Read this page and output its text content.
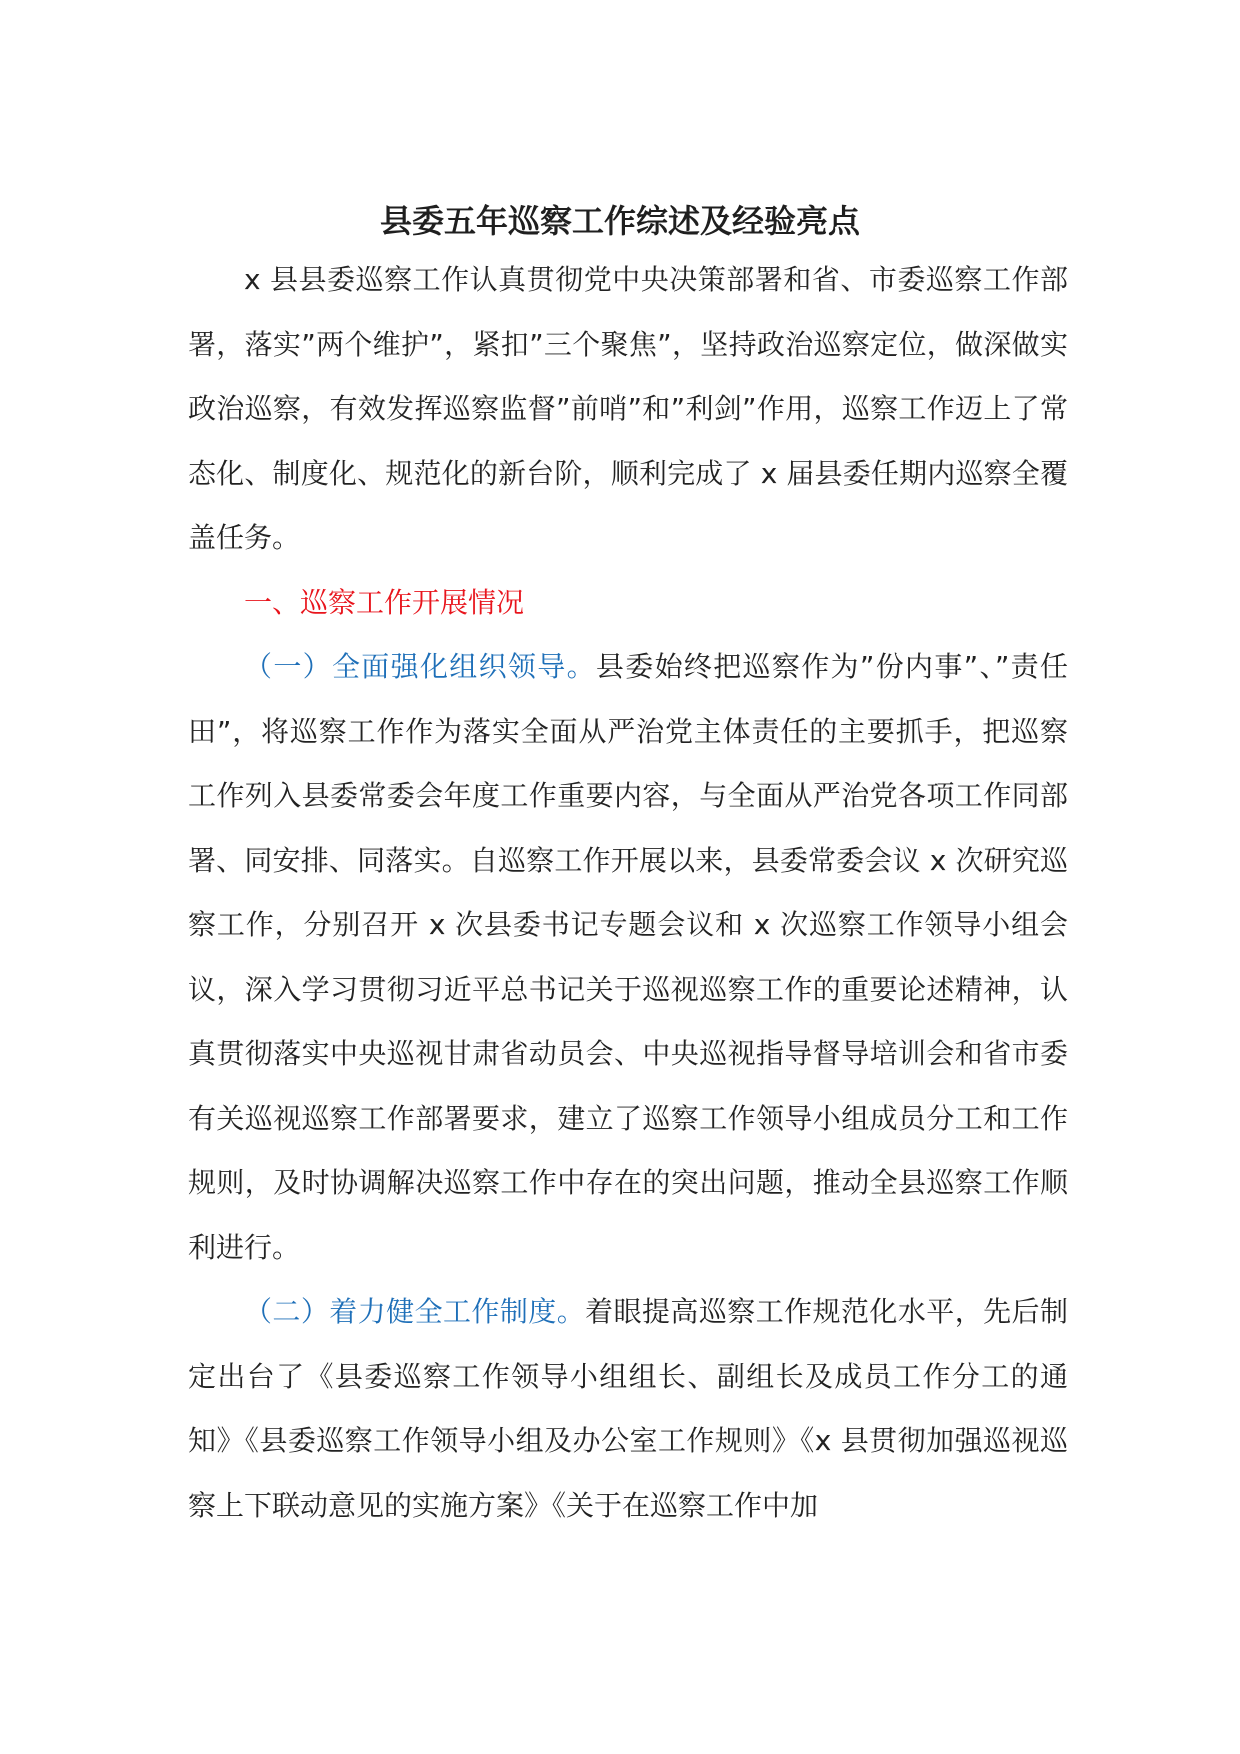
县委五年巡察工作综述及经验亮点

x 县县委巡察工作认真贯彻党中央决策部署和省、市委巡察工作部署，落实”两个维护”，紧扣”三个聚焦”，坚持政治巡察定位，做深做实政治巡察，有效发挥巡察监督”前哨”和”利剑”作用，巡察工作迈上了常态化、制度化、规范化的新台阶，顺利完成了 x 届县委任期内巡察全覆盖任务。

一、巡察工作开展情况

（一）全面强化组织领导。县委始终把巡察作为”份内事”、”责任田”，将巡察工作作为落实全面从严治党主体责任的主要抓手，把巡察工作列入县委常委会年度工作重要内容，与全面从严治党各项工作同部署、同安排、同落实。自巡察工作开展以来，县委常委会议 x 次研究巡察工作，分别召开 x 次县委书记专题会议和 x 次巡察工作领导小组会议，深入学习贯彻习近平总书记关于巡视巡察工作的重要论述精神，认真贯彻落实中央巡视甘肃省动员会、中央巡视指导督导培训会和省市委有关巡视巡察工作部署要求，建立了巡察工作领导小组成员分工和工作规则，及时协调解决巡察工作中存在的突出问题，推动全县巡察工作顺利进行。

（二）着力健全工作制度。着眼提高巡察工作规范化水平，先后制定出台了《县委巡察工作领导小组组长、副组长及成员工作分工的通知》《县委巡察工作领导小组及办公室工作规则》《x 县贯彻加强巡视巡察上下联动意见的实施方案》《关于在巡察工作中加
